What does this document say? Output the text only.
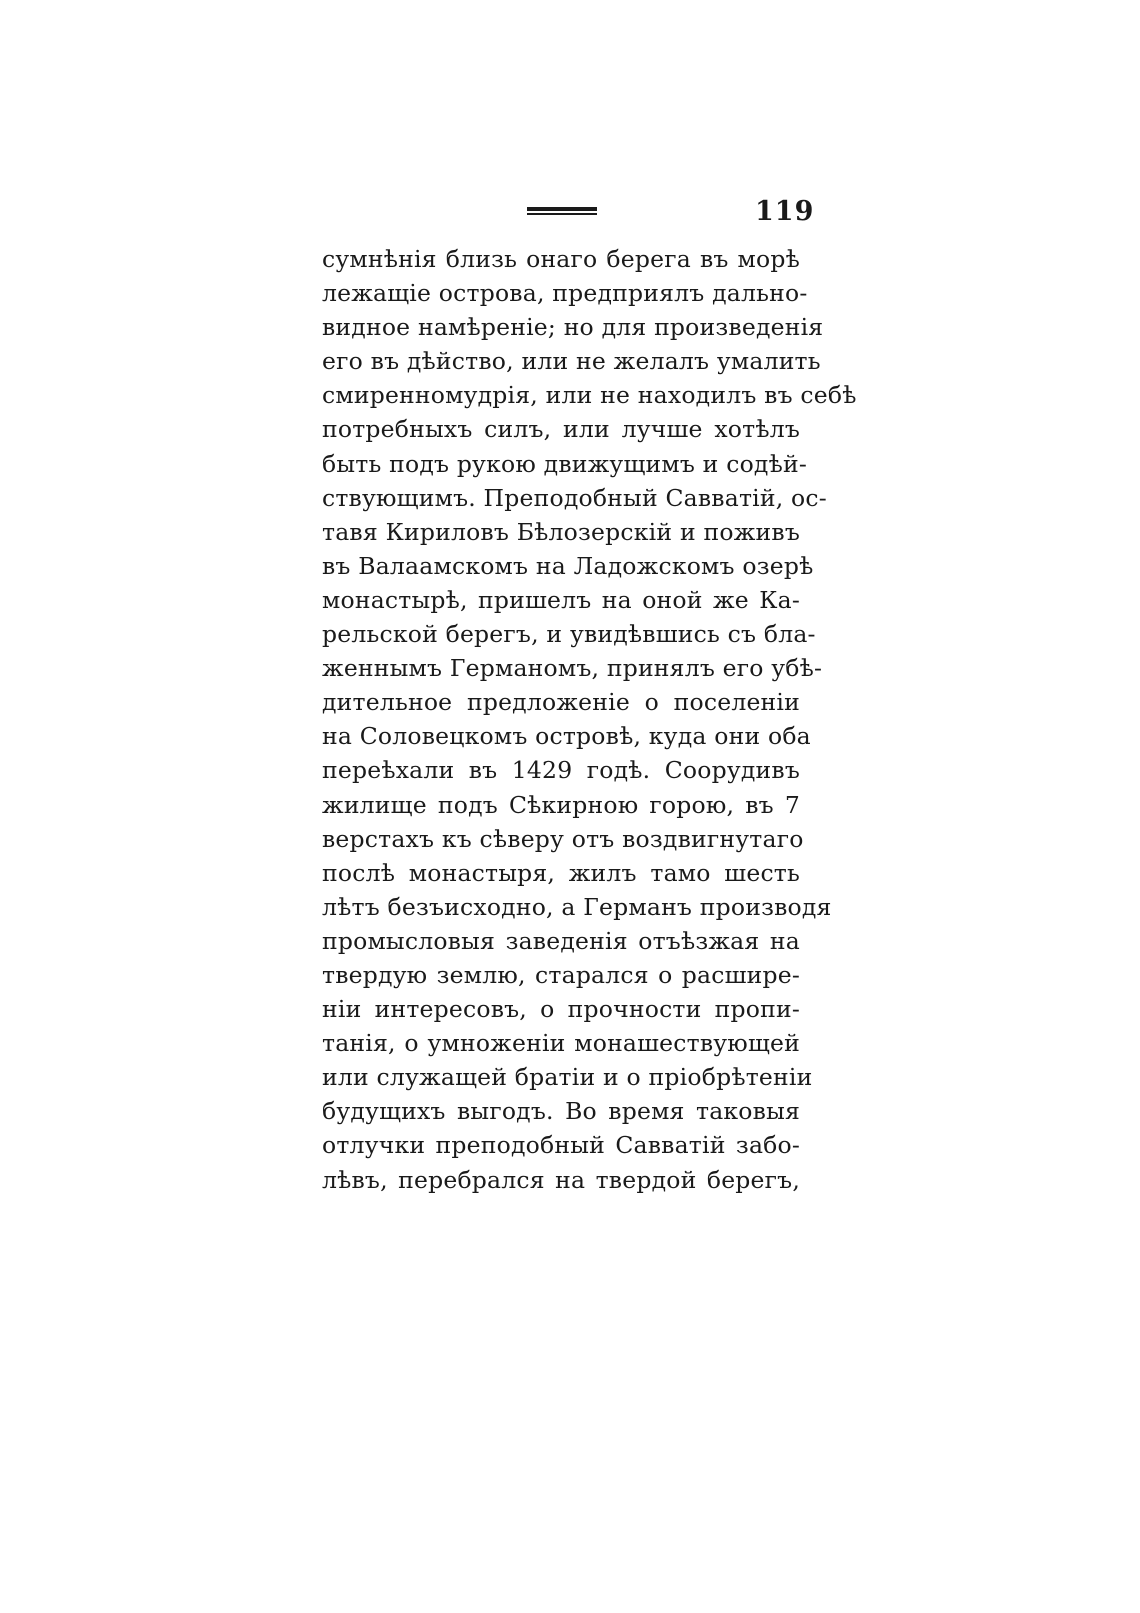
119
сумнѣнія близь онаго берега въ морѣ
лежащіе острова, предприялъ дально-
видное намѣреніе; но для произведенія
его въ дѣйство, или не желалъ умалить
смиренномудрія, или не находилъ въ себѣ
потребныхъ силъ, или лучше хотѣлъ
быть подъ рукою движущимъ и содѣй-
ствующимъ. Преподобный Савватій, ос-
тавя Кириловъ Бѣлозерскій и поживъ
въ Валаамскомъ на Ладожскомъ озерѣ
монастырѣ, пришелъ на оной же Ка-
рельской берегъ, и увидѣвшись съ бла-
женнымъ Германомъ, принялъ его убѣ-
дительное предложеніе о поселеніи
на Соловецкомъ островѣ, куда они оба
переѣхали въ 1429 годѣ. Соорудивъ
жилище подъ Сѣкирною горою, въ 7
верстахъ къ сѣверу отъ воздвигнутаго
послѣ монастыря, жилъ тамо шесть
лѣтъ безъисходно, а Германъ производя
промысловыя заведенія отъѣзжая на
твердую землю, старался о расшире-
ніи интересовъ, о прочности пропи-
танія, о умноженіи монашествующей
или служащей братіи и о пріобрѣтеніи
будущихъ выгодъ. Во время таковыя
отлучки преподобный Савватій забо-
лѣвъ, перебрался на твердой берегъ,
